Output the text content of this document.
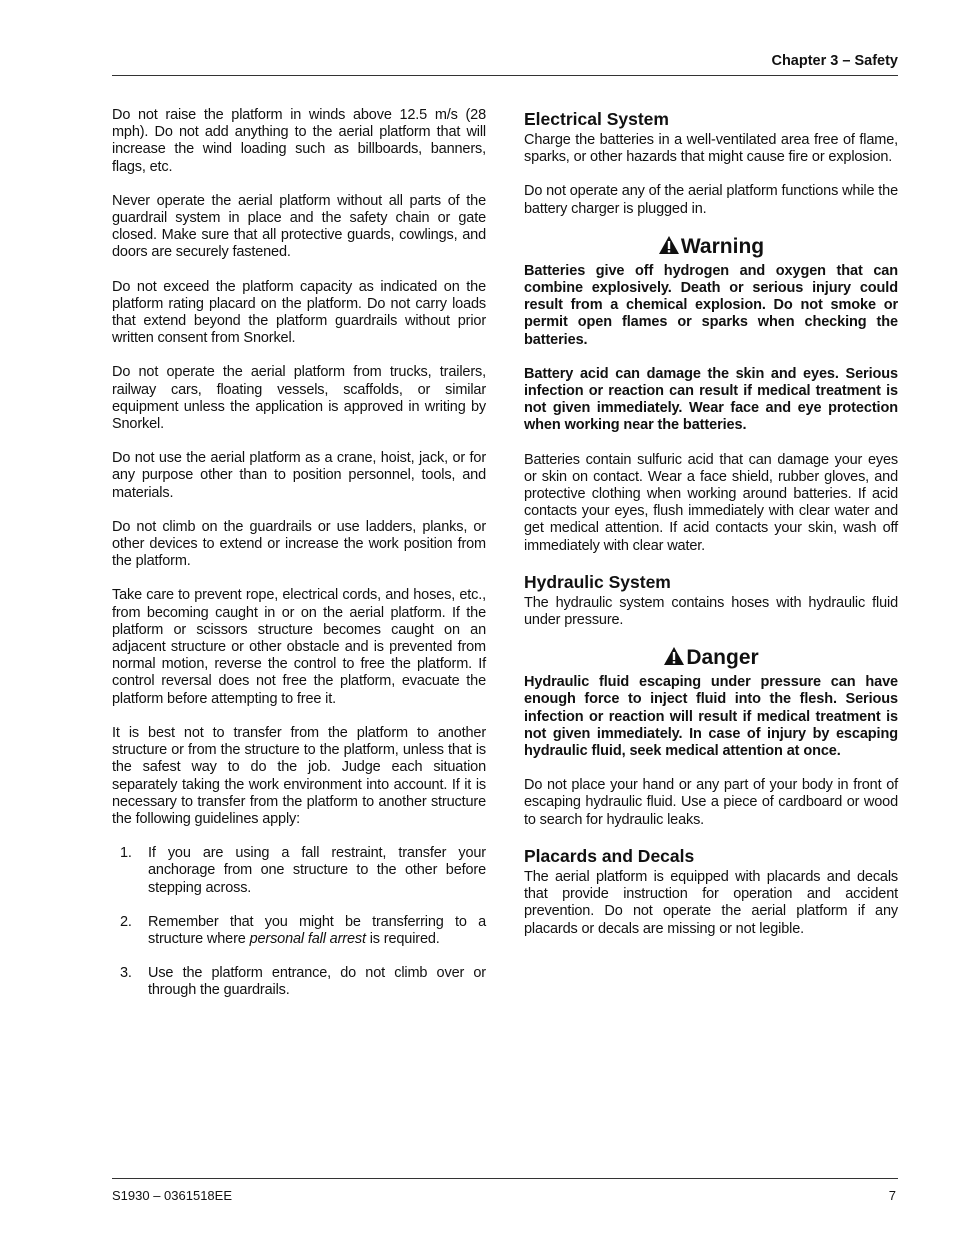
Chapter 3 – Safety

Do not raise the platform in winds above 12.5 m/s (28 mph). Do not add anything to the aerial platform that will increase the wind loading such as billboards, banners, flags, etc.

Never operate the aerial platform without all parts of the guardrail system in place and the safety chain or gate closed. Make sure that all protective guards, cowlings, and doors are securely fastened.

Do not exceed the platform capacity as indicated on the platform rating placard on the platform. Do not carry loads that extend beyond the platform guardrails without prior written consent from Snorkel.

Do not operate the aerial platform from trucks, trailers, railway cars, floating vessels, scaffolds, or similar equipment unless the application is approved in writing by Snorkel.

Do not use the aerial platform as a crane, hoist, jack, or for any purpose other than to position personnel, tools, and materials.

Do not climb on the guardrails or use ladders, planks, or other devices to extend or increase the work position from the platform.

Take care to prevent rope, electrical cords, and hoses, etc., from becoming caught in or on the aerial platform. If the platform or scissors structure becomes caught on an adjacent structure or other obstacle and is prevented from normal motion, reverse the control to free the platform. If control reversal does not free the platform, evacuate the platform before attempting to free it.

It is best not to transfer from the platform to another structure or from the structure to the platform, unless that is the safest way to do the job. Judge each situation separately taking the work environment into account. If it is necessary to transfer from the platform to another structure the following guidelines apply:

1. If you are using a fall restraint, transfer your anchorage from one structure to the other before stepping across.
2. Remember that you might be transferring to a structure where personal fall arrest is required.
3. Use the platform entrance, do not climb over or through the guardrails.
Electrical System

Charge the batteries in a well-ventilated area free of flame, sparks, or other hazards that might cause fire or explosion.

Do not operate any of the aerial platform functions while the battery charger is plugged in.

Warning

Batteries give off hydrogen and oxygen that can combine explosively. Death or serious injury could result from a chemical explosion. Do not smoke or permit open flames or sparks when checking the batteries.

Battery acid can damage the skin and eyes. Serious infection or reaction can result if medical treatment is not given immediately. Wear face and eye protection when working near the batteries.

Batteries contain sulfuric acid that can damage your eyes or skin on contact. Wear a face shield, rubber gloves, and protective clothing when working around batteries. If acid contacts your eyes, flush immediately with clear water and get medical attention. If acid contacts your skin, wash off immediately with clear water.

Hydraulic System

The hydraulic system contains hoses with hydraulic fluid under pressure.

Danger

Hydraulic fluid escaping under pressure can have enough force to inject fluid into the flesh. Serious infection or reaction will result if medical treatment is not given immediately. In case of injury by escaping hydraulic fluid, seek medical attention at once.

Do not place your hand or any part of your body in front of escaping hydraulic fluid. Use a piece of cardboard or wood to search for hydraulic leaks.

Placards and Decals

The aerial platform is equipped with placards and decals that provide instruction for operation and accident prevention. Do not operate the aerial platform if any placards or decals are missing or not legible.

S1930 – 0361518EE	7
